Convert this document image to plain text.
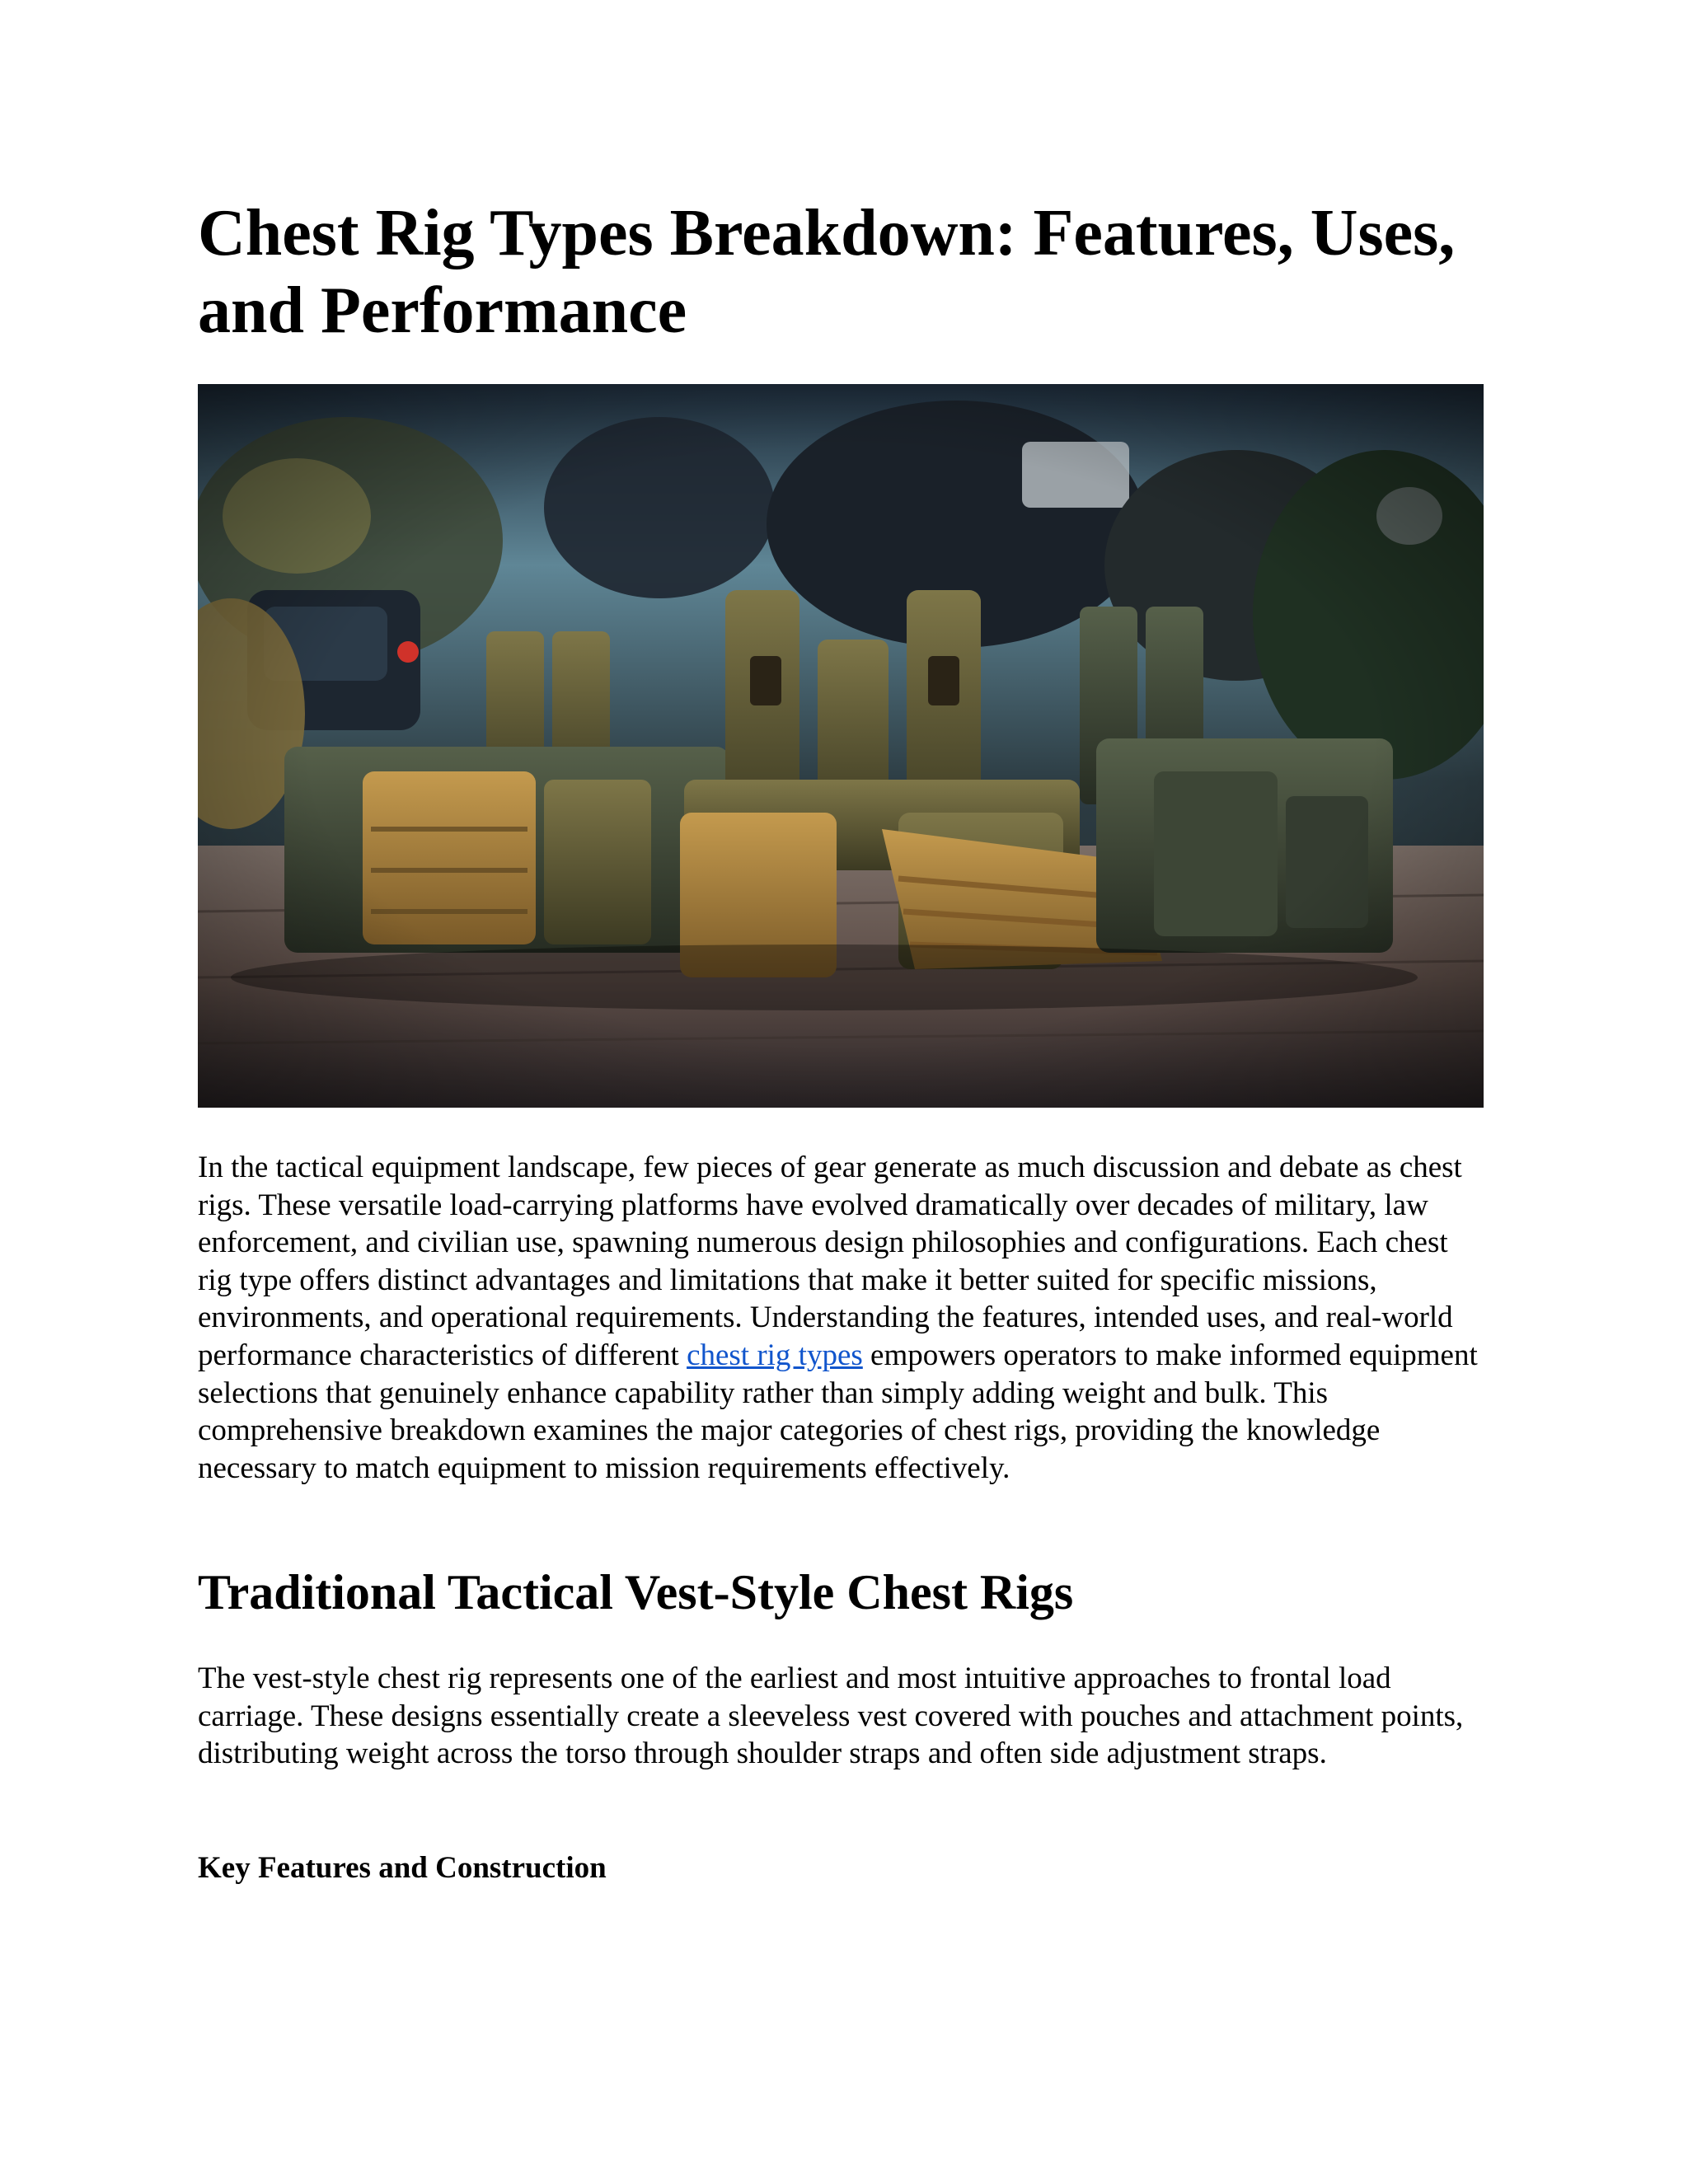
Chest Rig Types Breakdown: Features, Uses, and Performance

In the tactical equipment landscape, few pieces of gear generate as much discussion and debate as chest rigs. These versatile load-carrying platforms have evolved dramatically over decades of military, law enforcement, and civilian use, spawning numerous design philosophies and configurations. Each chest rig type offers distinct advantages and limitations that make it better suited for specific missions, environments, and operational requirements. Understanding the features, intended uses, and real-world performance characteristics of different chest rig types empowers operators to make informed equipment selections that genuinely enhance capability rather than simply adding weight and bulk. This comprehensive breakdown examines the major categories of chest rigs, providing the knowledge necessary to match equipment to mission requirements effectively.

Traditional Tactical Vest-Style Chest Rigs

The vest-style chest rig represents one of the earliest and most intuitive approaches to frontal load carriage. These designs essentially create a sleeveless vest covered with pouches and attachment points, distributing weight across the torso through shoulder straps and often side adjustment straps.

Key Features and Construction
